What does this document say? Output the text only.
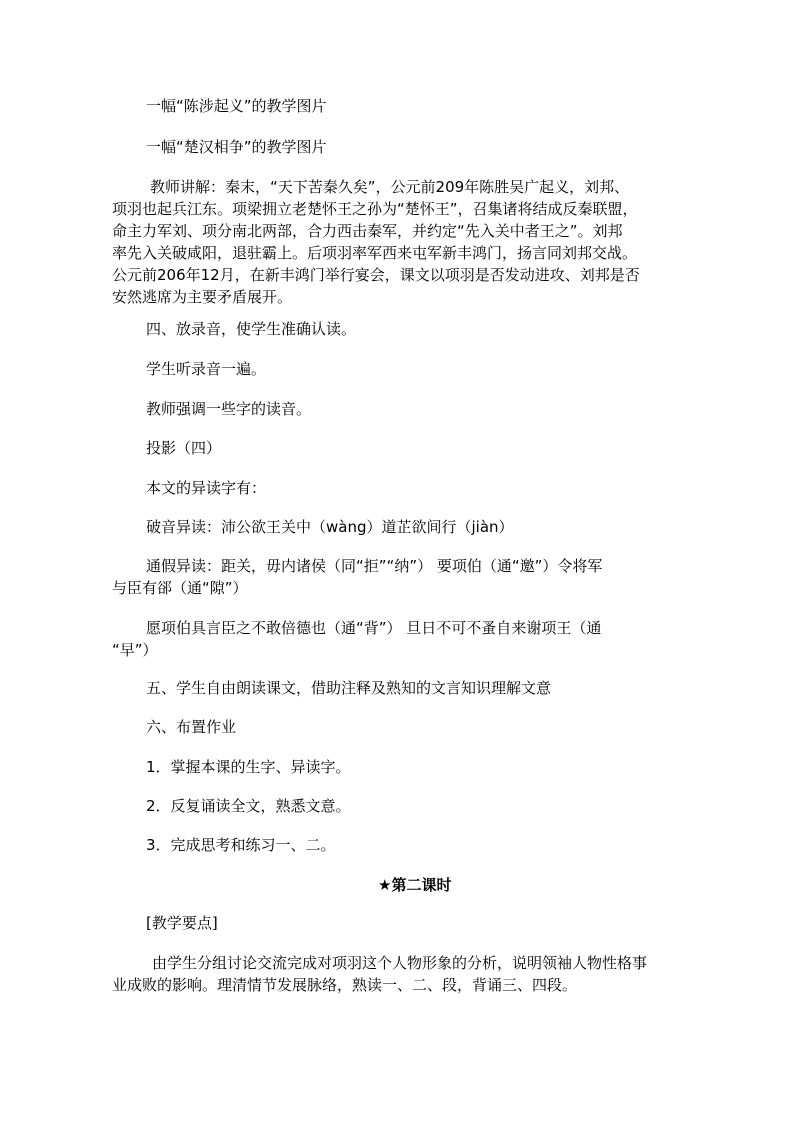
一幅“陈涉起义”的教学图片

一幅“楚汉相争”的教学图片

教师讲解：秦末，“天下苦秦久矣”，公元前209年陈胜吴广起义，刘邦、
项羽也起兵江东。项梁拥立老楚怀王之孙为“楚怀王”，召集诸将结成反秦联盟，
命主力军刘、项分南北两部，合力西击秦军，并约定“先入关中者王之”。刘邦
率先入关破咸阳，退驻霸上。后项羽率军西来屯军新丰鸿门，扬言同刘邦交战。
公元前206年12月，在新丰鸿门举行宴会，课文以项羽是否发动进攻、刘邦是否
安然逃席为主要矛盾展开。

四、放录音，使学生准确认读。

学生听录音一遍。

教师强调一些字的读音。

投影（四）

本文的异读字有：

破音异读：沛公欲王关中（wàng）道芷欲间行（jiàn）

通假异读：距关，毋内诸侯（同“拒”“纳”） 要项伯（通“邀”）令将军
与臣有郤（通“隙”）
愿项伯具言臣之不敢倍德也（通“背”） 旦日不可不蚤自来谢项王（通
“早”）

五、学生自由朗读课文，借助注释及熟知的文言知识理解文意

六、布置作业

1．掌握本课的生字、异读字。

2．反复诵读全文，熟悉文意。

3．完成思考和练习一、二。

★第二课时

[教学要点]

由学生分组讨论交流完成对项羽这个人物形象的分析，说明领袖人物性格事
业成败的影响。理清情节发展脉络，熟读一、二、段，背诵三、四段。
